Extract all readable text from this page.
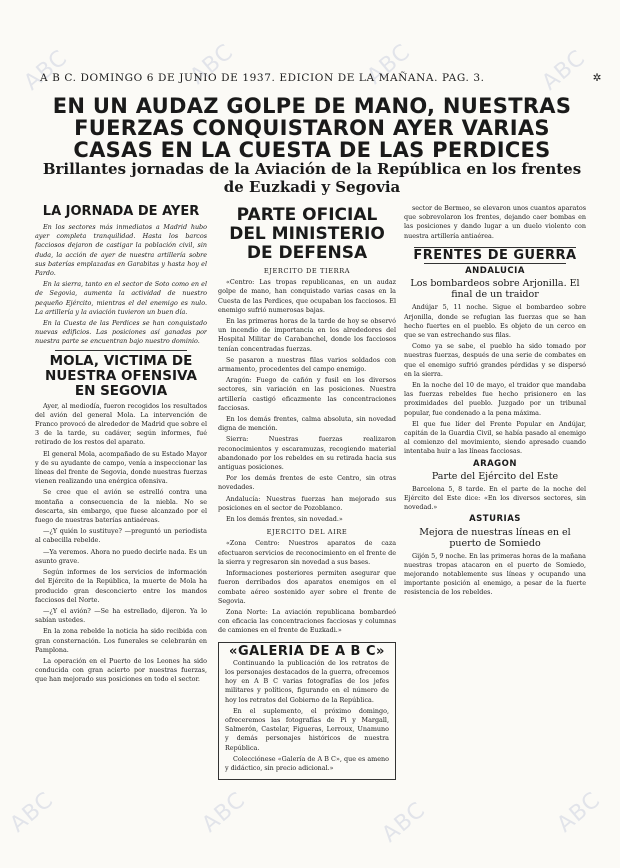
ABC	ABC	ABC	ABC
ABC	ABC	ABC	ABC
A B C. DOMINGO 6 DE JUNIO DE 1937. EDICION DE LA MAÑANA. PAG. 3.	✲
EN UN AUDAZ GOLPE DE MANO, NUESTRAS FUERZAS CONQUISTARON AYER VARIAS CASAS EN LA CUESTA DE LAS PERDICES
Brillantes jornadas de la Aviación de la República en los frentes de Euzkadi y Segovia
LA JORNADA DE AYER

En los sectores más inmediatos a Madrid hubo ayer completa tranquilidad. Hasta los barcos facciosos dejaron de castigar la población civil, sin duda, la acción de ayer de nuestra artillería sobre sus baterías emplazadas en Garabitas y hasta hoy el Pardo.

En la sierra, tanto en el sector de Soto como en el de Segovia, aumenta la actividad de nuestro pequeño Ejército, mientras el del enemigo es nulo. La artillería y la aviación tuvieron un buen día.

En la Cuesta de las Perdices se han conquistado nuevas edificios. Las posiciones así ganadas por nuestra parte se encuentran bajo nuestro dominio.

MOLA, VICTIMA DE NUESTRA OFENSIVA EN SEGOVIA

Ayer, al mediodía, fueron recogidos los resultados del avión del general Mola. La intervención de Franco provocó de alrededor de Madrid que sobre el 3 de la tarde, su cadáver, según informes, fué retirado de los restos del aparato.

El general Mola, acompañado de su Estado Mayor y de su ayudante de campo, venía a inspeccionar las líneas del frente de Segovia, donde nuestras fuerzas vienen realizando una enérgica ofensiva.

Se cree que el avión se estrelló contra una montaña a consecuencia de la niebla. No se descarta, sin embargo, que fuese alcanzado por el fuego de nuestras baterías antiaéreas.

—¿Y quién lo sustituye? —preguntó un periodista al cabecilla rebelde.

—Ya veremos. Ahora no puedo decirle nada. Es un asunto grave.

Según informes de los servicios de información del Ejército de la República, la muerte de Mola ha producido gran desconcierto entre los mandos facciosos del Norte.

—¿Y el avión? —Se ha estrellado, dijeron. Ya lo sabían ustedes.

En la zona rebelde la noticia ha sido recibida con gran consternación. Los funerales se celebrarán en Pamplona.

La operación en el Puerto de los Leones ha sido conducida con gran acierto por nuestras fuerzas, que han mejorado sus posiciones en todo el sector.

PARTE OFICIAL DEL MINISTERIO DE DEFENSA
EJERCITO DE TIERRA

«Centro: Las tropas republicanas, en un audaz golpe de mano, han conquistado varias casas en la Cuesta de las Perdices, que ocupaban los facciosos. El enemigo sufrió numerosas bajas.

En las primeras horas de la tarde de hoy se observó un incendio de importancia en los alrededores del Hospital Militar de Carabanchel, donde los facciosos tenían concentradas fuerzas.

Se pasaron a nuestras filas varios soldados con armamento, procedentes del campo enemigo.

Aragón: Fuego de cañón y fusil en los diversos sectores, sin variación en las posiciones. Nuestra artillería castigó eficazmente las concentraciones facciosas.

En los demás frentes, calma absoluta, sin novedad digna de mención.

Sierra: Nuestras fuerzas realizaron reconocimientos y escaramuzas, recogiendo material abandonado por los rebeldes en su retirada hacia sus antiguas posiciones.

Por los demás frentes de este Centro, sin otras novedades.

Andalucía: Nuestras fuerzas han mejorado sus posiciones en el sector de Pozoblanco.

En los demás frentes, sin novedad.»

EJERCITO DEL AIRE

«Zona Centro: Nuestros aparatos de caza efectuaron servicios de reconocimiento en el frente de la sierra y regresaron sin novedad a sus bases.

Informaciones posteriores permiten asegurar que fueron derribados dos aparatos enemigos en el combate aéreo sostenido ayer sobre el frente de Segovia.

Zona Norte: La aviación republicana bombardeó con eficacia las concentraciones facciosas y columnas de camiones en el frente de Euzkadi.»

«GALERIA DE A B C»

Continuando la publicación de los retratos de los personajes destacados de la guerra, ofrecemos hoy en A B C varias fotografías de los jefes militares y políticos, figurando en el número de hoy los retratos del Gobierno de la República.

En el suplemento, el próximo domingo, ofreceremos las fotografías de Pi y Margall, Salmerón, Castelar, Figueras, Lerroux, Unamuno y demás personajes históricos de nuestra República.

Colecciónese «Galería de A B C», que es ameno y didáctico, sin precio adicional.»

sector de Bermeo, se elevaron unos cuantos aparatos que sobrevolaron los frentes, dejando caer bombas en las posiciones y dando lugar a un duelo violento con nuestra artillería antiaérea.

FRENTES DE GUERRA
ANDALUCIA
Los bombardeos sobre Arjonilla. El final de un traidor

Andújar 5, 11 noche. Sigue el bombardeo sobre Arjonilla, donde se refugian las fuerzas que se han hecho fuertes en el pueblo. Es objeto de un cerco en que se van estrechando sus filas.

Como ya se sabe, el pueblo ha sido tomado por nuestras fuerzas, después de una serie de combates en que el enemigo sufrió grandes pérdidas y se dispersó en la sierra.

En la noche del 10 de mayo, el traidor que mandaba las fuerzas rebeldes fue hecho prisionero en las proximidades del pueblo. Juzgado por un tribunal popular, fue condenado a la pena máxima.

El que fue líder del Frente Popular en Andújar, capitán de la Guardia Civil, se había pasado al enemigo al comienzo del movimiento, siendo apresado cuando intentaba huir a las líneas facciosas.

ARAGON
Parte del Ejército del Este

Barcelona 5, 8 tarde. En el parte de la noche del Ejército del Este dice: «En los diversos sectores, sin novedad.»

ASTURIAS
Mejora de nuestras líneas en el puerto de Somiedo

Gijón 5, 9 noche. En las primeras horas de la mañana nuestras tropas atacaron en el puerto de Somiedo, mejorando notablemente sus líneas y ocupando una importante posición al enemigo, a pesar de la fuerte resistencia de los rebeldes.
